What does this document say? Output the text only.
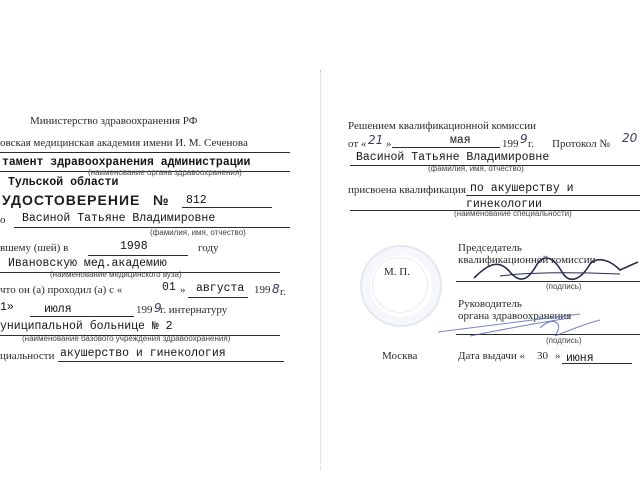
Министерство здравоохранения РФ
овская медицинская академия имени И. М. Сеченова
тамент здравоохранения администрации
(наименование органа здравоохранения)
Тульской области
УДОСТОВЕРЕНИЕ № 812
о Васиной Татьяне Владимировне
(фамилия, имя, отчество)
вшему (шей) в	1998	году
Ивановскую мед.академию
(наименование медицинского вуза)
что он (а) проходил (а) с «	01 » августа 199 8 г.
1»	июля	199 9
г. интернатуру
униципальной больнице № 2
(наименование базового учреждения здравоохранения)
циальности акушерство и гинекология
Решением квалификационной комиссии
от « 21 »	мая	199 9 г. Протокол № 20
Васиной Татьяне Владимировне
(фамилия, имя, отчество)
присвоена квалификация по акушерству и
гинекологии
(наименование специальности)
Председатель
квалификационной комиссии
(подпись)
М. П.
Руководитель
органа здравоохранения
(подпись)
Москва	Дата выдачи « 30 » июня
